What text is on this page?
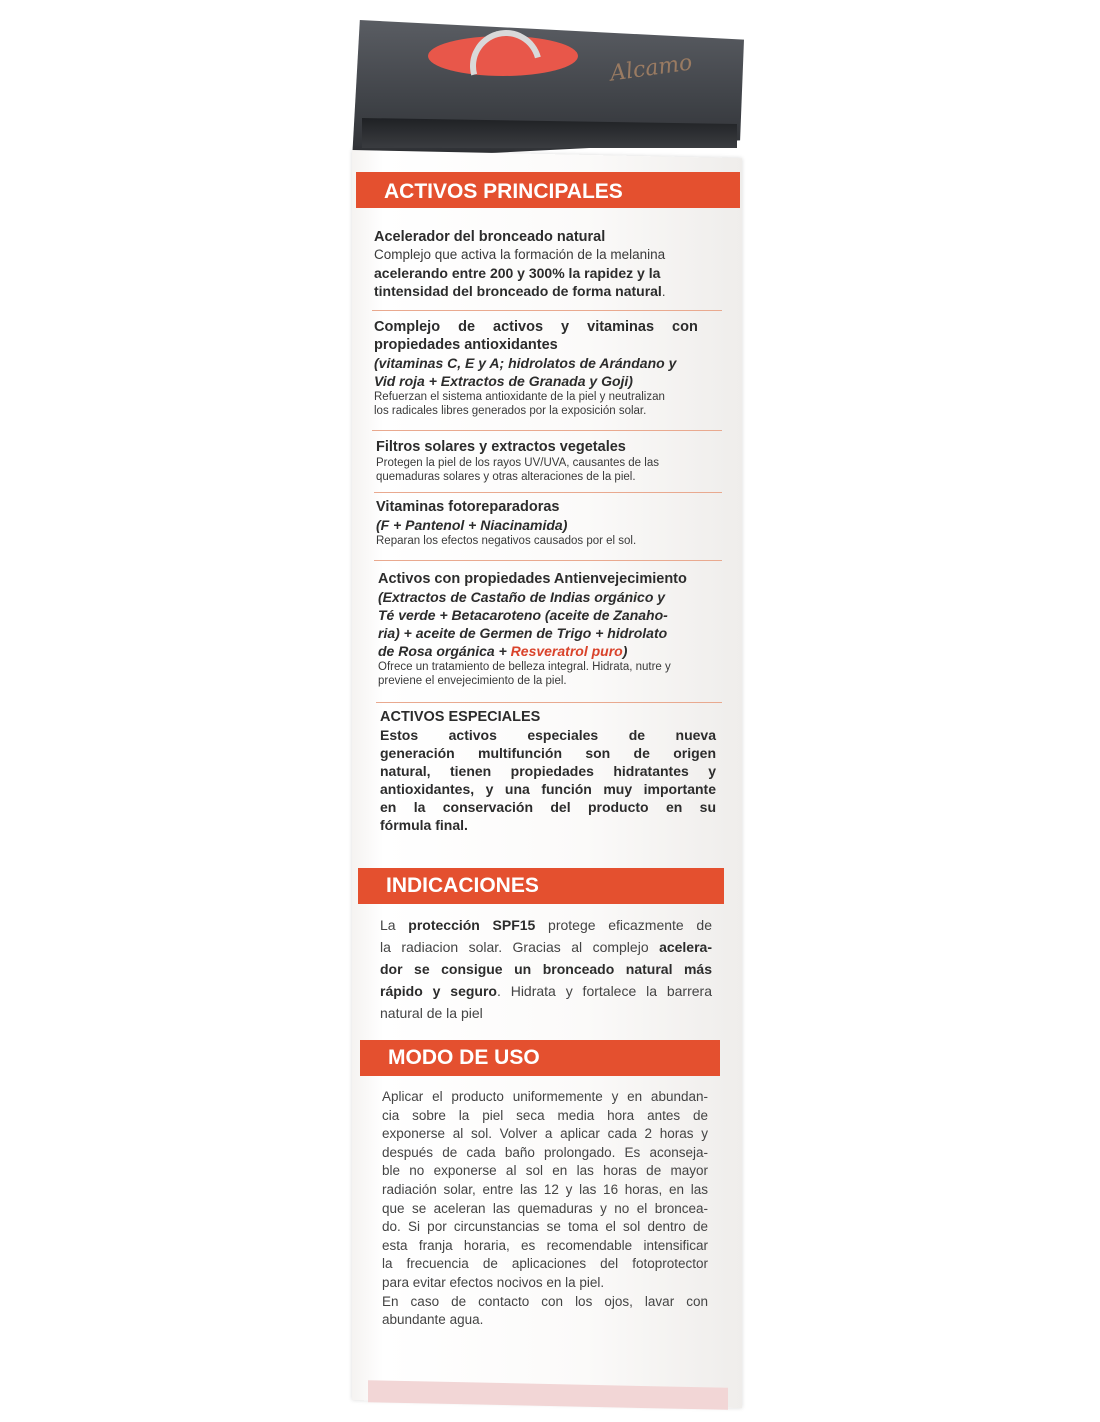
Alcamo
ACTIVOS PRINCIPALES
Acelerador del bronceado natural
Complejo que activa la formación de la melanina
acelerando entre 200 y 300% la rapidez y la
tintensidad del bronceado de forma natural.
Complejo de activos y vitaminas con
propiedades antioxidantes
(vitaminas C, E y A; hidrolatos de Arándano y
Vid roja + Extractos de Granada y Goji)
Refuerzan el sistema antioxidante de la piel y neutralizan
los radicales libres generados por la exposición solar.
Filtros solares y extractos vegetales
Protegen la piel de los rayos UV/UVA, causantes de las
quemaduras solares y otras alteraciones de la piel.
Vitaminas fotoreparadoras
(F + Pantenol + Niacinamida)
Reparan los efectos negativos causados por el sol.
Activos con propiedades Antienvejecimiento
(Extractos de Castaño de Indias orgánico y
Té verde + Betacaroteno (aceite de Zanaho-
ria) + aceite de Germen de Trigo + hidrolato
de Rosa orgánica + Resveratrol puro)
Ofrece un tratamiento de belleza integral. Hidrata, nutre y
previene el envejecimiento de la piel.
ACTIVOS ESPECIALES
Estos activos especiales de nueva
generación multifunción son de origen
natural, tienen propiedades hidratantes y
antioxidantes, y una función muy importante
en la conservación del producto en su
fórmula final.
INDICACIONES
La protección SPF15 protege eficazmente de
la radiacion solar. Gracias al complejo acelera-
dor se consigue un bronceado natural más
rápido y seguro. Hidrata y fortalece la barrera
natural de la piel
MODO DE USO
Aplicar el producto uniformemente y en abundan-
cia sobre la piel seca media hora antes de
exponerse al sol. Volver a aplicar cada 2 horas y
después de cada baño prolongado. Es aconseja-
ble no exponerse al sol en las horas de mayor
radiación solar, entre las 12 y las 16 horas, en las
que se aceleran las quemaduras y no el broncea-
do. Si por circunstancias se toma el sol dentro de
esta franja horaria, es recomendable intensificar
la frecuencia de aplicaciones del fotoprotector
para evitar efectos nocivos en la piel.
En caso de contacto con los ojos, lavar con
abundante agua.
